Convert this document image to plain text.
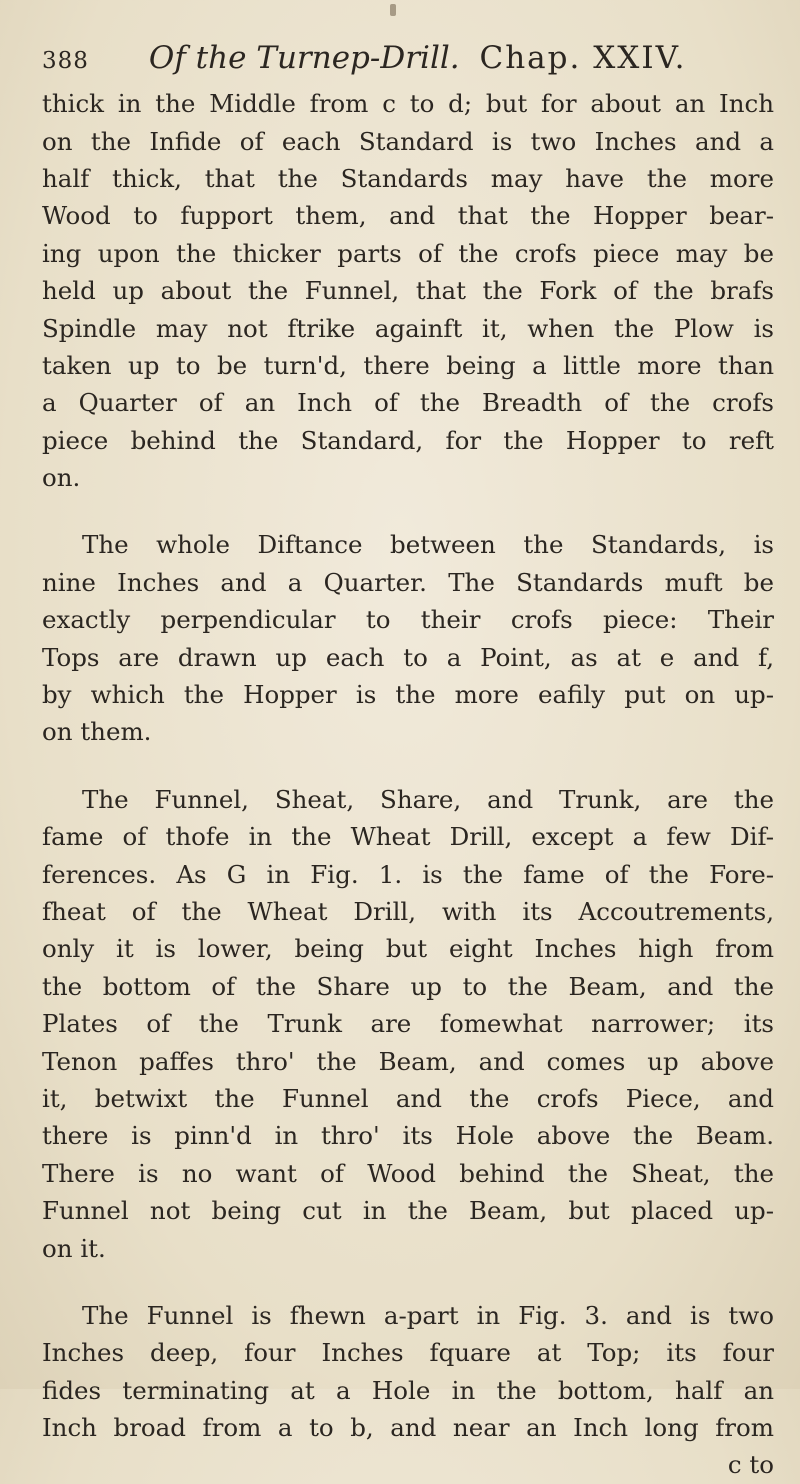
388 Of the Turnep-Drill. Chap. XXIV.
thick in the Middle from c to d; but for about an Inch
on the Infide of each Standard is two Inches and a
half thick, that the Standards may have the more
Wood to fupport them, and that the Hopper bear-
ing upon the thicker parts of the crofs piece may be
held up about the Funnel, that the Fork of the brafs
Spindle may not ftrike againft it, when the Plow is
taken up to be turn'd, there being a little more than
a Quarter of an Inch of the Breadth of the crofs
piece behind the Standard, for the Hopper to reft
on.
The whole Diftance between the Standards, is
nine Inches and a Quarter. The Standards muft be
exactly perpendicular to their crofs piece: Their
Tops are drawn up each to a Point, as at e and f,
by which the Hopper is the more eafily put on up-
on them.
The Funnel, Sheat, Share, and Trunk, are the
fame of thofe in the Wheat Drill, except a few Dif-
ferences. As G in Fig. 1. is the fame of the Fore-
fheat of the Wheat Drill, with its Accoutrements,
only it is lower, being but eight Inches high from
the bottom of the Share up to the Beam, and the
Plates of the Trunk are fomewhat narrower; its
Tenon paffes thro' the Beam, and comes up above
it, betwixt the Funnel and the crofs Piece, and
there is pinn'd in thro' its Hole above the Beam.
There is no want of Wood behind the Sheat, the
Funnel not being cut in the Beam, but placed up-
on it.
The Funnel is fhewn a-part in Fig. 3. and is two
Inches deep, four Inches fquare at Top; its four
fides terminating at a Hole in the bottom, half an
Inch broad from a to b, and near an Inch long from
c to
